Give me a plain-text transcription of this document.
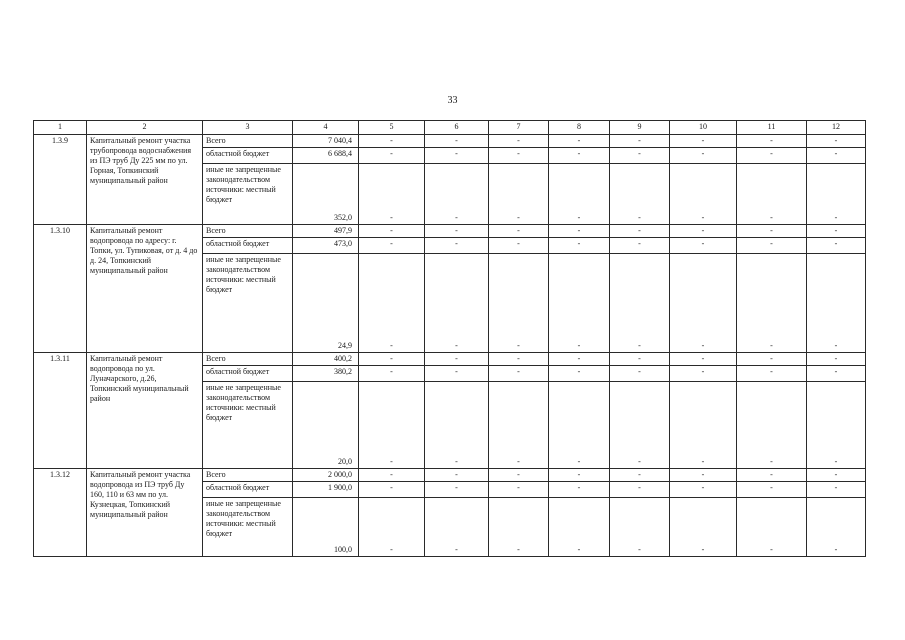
33
1	2	3	4	5	6	7	8	9	10	11	12
1.3.9	Капитальный ремонт участка трубопровода водоснабжения из ПЭ труб Ду 225 мм по ул. Горная, Топкинский муниципальный район	Всего	7 040,4	-	-	-	-	-	-	-	-
		областной бюджет	6 688,4	-	-	-	-	-	-	-	-
		иные не запрещенные законодательством источники: местный бюджет	352,0	-	-	-	-	-	-	-	-
1.3.10	Капитальный ремонт водопровода по адресу: г. Топки, ул. Тупиковая, от д. 4 до д. 24, Топкинский муниципальный район	Всего	497,9	-	-	-	-	-	-	-	-
		областной бюджет	473,0	-	-	-	-	-	-	-	-
		иные не запрещенные законодательством источники: местный бюджет	24,9	-	-	-	-	-	-	-	-
1.3.11	Капитальный ремонт водопровода по ул. Луначарского, д.26, Топкинский муниципальный район	Всего	400,2	-	-	-	-	-	-	-	-
		областной бюджет	380,2	-	-	-	-	-	-	-	-
		иные не запрещенные законодательством источники: местный бюджет	20,0	-	-	-	-	-	-	-	-
1.3.12	Капитальный ремонт участка водопровода из ПЭ труб Ду 160, 110 и 63 мм по ул. Кузнецкая, Топкинский муниципальный район	Всего	2 000,0	-	-	-	-	-	-	-	-
		областной бюджет	1 900,0	-	-	-	-	-	-	-	-
		иные не запрещенные законодательством источники: местный бюджет	100,0	-	-	-	-	-	-	-	-
